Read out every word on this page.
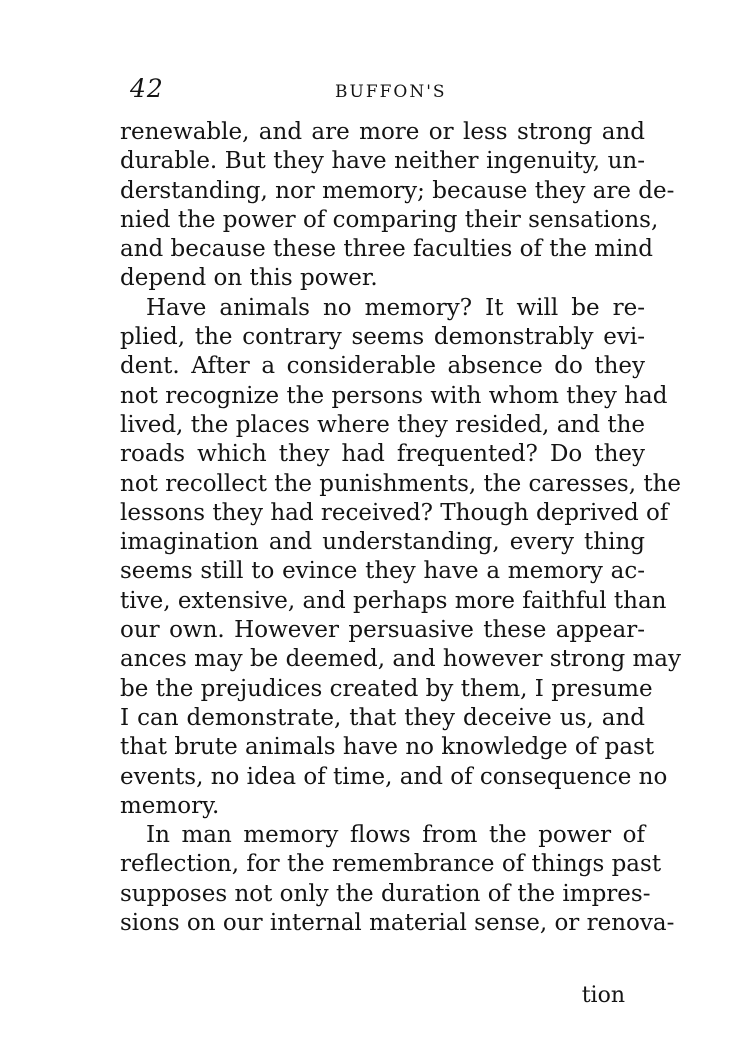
42	BUFFON'S
renewable, and are more or less strong and
durable. But they have neither ingenuity, un-
derstanding, nor memory; because they are de-
nied the power of comparing their sensations,
and because these three faculties of the mind
depend on this power.
Have animals no memory? It will be re-
plied, the contrary seems demonstrably evi-
dent. After a considerable absence do they
not recognize the persons with whom they had
lived, the places where they resided, and the
roads which they had frequented? Do they
not recollect the punishments, the caresses, the
lessons they had received? Though deprived of
imagination and understanding, every thing
seems still to evince they have a memory ac-
tive, extensive, and perhaps more faithful than
our own. However persuasive these appear-
ances may be deemed, and however strong may
be the prejudices created by them, I presume
I can demonstrate, that they deceive us, and
that brute animals have no knowledge of past
events, no idea of time, and of consequence no
memory.
In man memory flows from the power of
reflection, for the remembrance of things past
supposes not only the duration of the impres-
sions on our internal material sense, or renova-
tion
